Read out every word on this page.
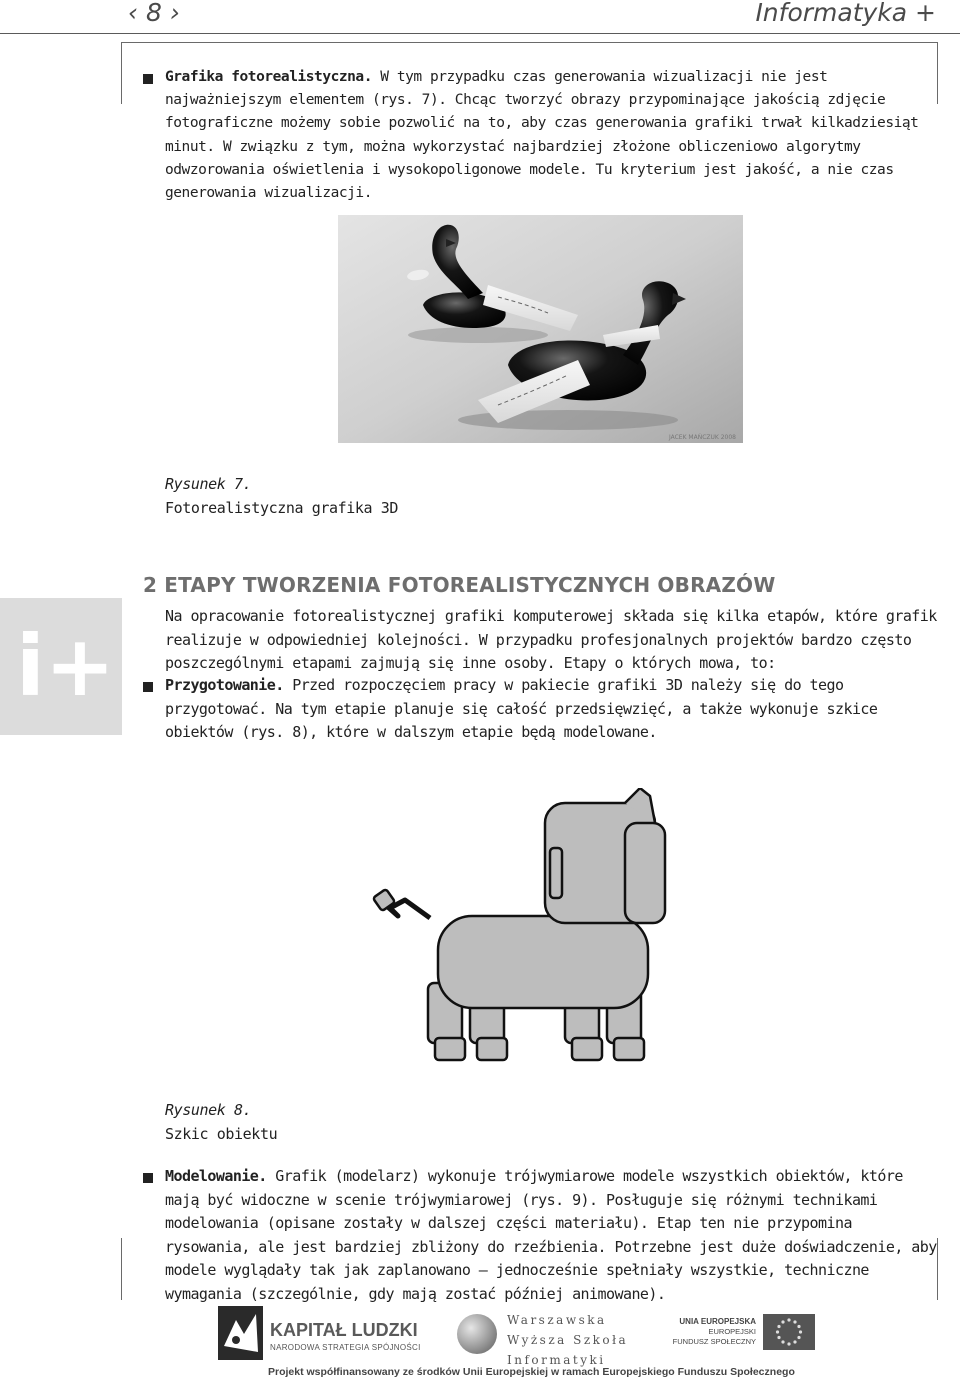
‹ 8 ›	Informatyka +
i+
Grafika fotorealistyczna. W tym przypadku czas generowania wizualizacji nie jest najważniejszym elementem (rys. 7). Chcąc tworzyć obrazy przypominające jakością zdjęcie fotograficzne możemy sobie pozwolić na to, aby czas generowania grafiki trwał kilkadziesiąt minut. W związku z tym, można wykorzystać najbardziej złożone obliczeniowo algorytmy odwzorowania oświetlenia i wysokopoligonowe modele. Tu kryterium jest jakość, a nie czas generowania wizualizacji.
JACEK MAŃCZUK 2008
Rysunek 7.
Fotorealistyczna grafika 3D
2 ETAPY TWORZENIA FOTOREALISTYCZNYCH OBRAZÓW
Na opracowanie fotorealistycznej grafiki komputerowej składa się kilka etapów, które grafik realizuje w odpowiedniej kolejności. W przypadku profesjonalnych projektów bardzo często poszczególnymi etapami zajmują się inne osoby. Etapy o których mowa, to:
Przygotowanie. Przed rozpoczęciem pracy w pakiecie grafiki 3D należy się do tego przygotować. Na tym etapie planuje się całość przedsięwzięć, a także wykonuje szkice obiektów (rys. 8), które w dalszym etapie będą modelowane.
Rysunek 8.
Szkic obiektu
Modelowanie. Grafik (modelarz) wykonuje trójwymiarowe modele wszystkich obiektów, które mają być widoczne w scenie trójwymiarowej (rys. 9). Posługuje się różnymi technikami modelowania (opisane zostały w dalszej części materiału). Etap ten nie przypomina rysowania, ale jest bardziej zbliżony do rzeźbienia. Potrzebne jest duże doświadczenie, aby modele wyglądały tak jak zaplanowano – jednocześnie spełniały wszystkie, techniczne wymagania (szczególnie, gdy mają zostać później animowane).
KAPITAŁ LUDZKI
NARODOWA STRATEGIA SPÓJNOŚCI
Warszawska
Wyższa Szkoła
Informatyki
UNIA EUROPEJSKA
EUROPEJSKI
FUNDUSZ SPOŁECZNY
Projekt współfinansowany ze środków Unii Europejskiej w ramach Europejskiego Funduszu Społecznego
